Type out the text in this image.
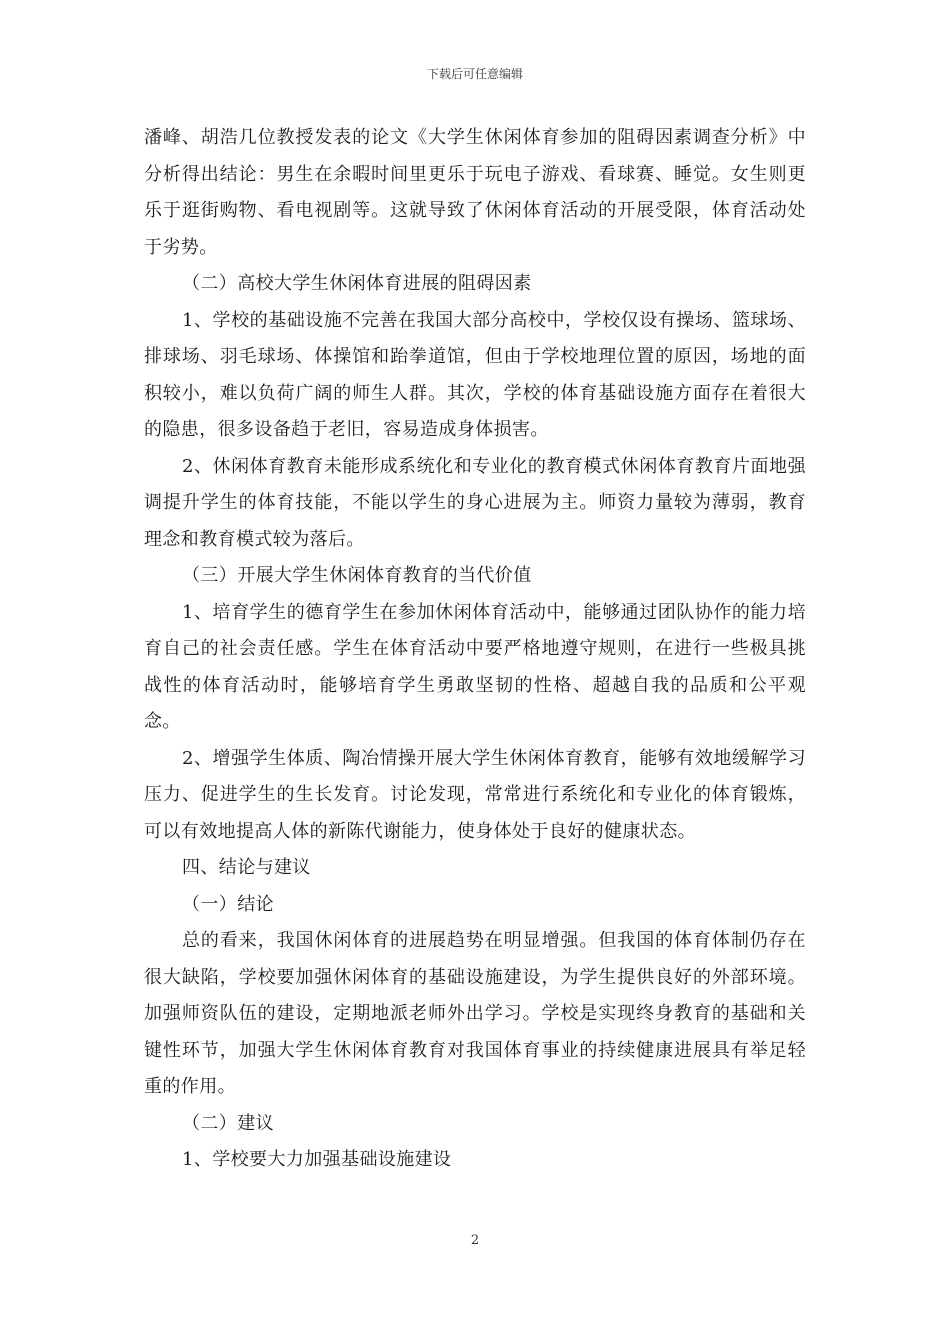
下载后可任意编辑

潘峰、胡浩几位教授发表的论文《大学生休闲体育参加的阻碍因素调查分析》中分析得出结论：男生在余暇时间里更乐于玩电子游戏、看球赛、睡觉。女生则更乐于逛街购物、看电视剧等。这就导致了休闲体育活动的开展受限，体育活动处于劣势。

（二）高校大学生休闲体育进展的阻碍因素

1、学校的基础设施不完善在我国大部分高校中，学校仅设有操场、篮球场、排球场、羽毛球场、体操馆和跆拳道馆，但由于学校地理位置的原因，场地的面积较小，难以负荷广阔的师生人群。其次，学校的体育基础设施方面存在着很大的隐患，很多设备趋于老旧，容易造成身体损害。

2、休闲体育教育未能形成系统化和专业化的教育模式休闲体育教育片面地强调提升学生的体育技能，不能以学生的身心进展为主。师资力量较为薄弱，教育理念和教育模式较为落后。

（三）开展大学生休闲体育教育的当代价值

1、培育学生的德育学生在参加休闲体育活动中，能够通过团队协作的能力培育自己的社会责任感。学生在体育活动中要严格地遵守规则，在进行一些极具挑战性的体育活动时，能够培育学生勇敢坚韧的性格、超越自我的品质和公平观念。

2、增强学生体质、陶冶情操开展大学生休闲体育教育，能够有效地缓解学习压力、促进学生的生长发育。讨论发现，常常进行系统化和专业化的体育锻炼，可以有效地提高人体的新陈代谢能力，使身体处于良好的健康状态。

四、结论与建议

（一）结论

总的看来，我国休闲体育的进展趋势在明显增强。但我国的体育体制仍存在很大缺陷，学校要加强休闲体育的基础设施建设，为学生提供良好的外部环境。加强师资队伍的建设，定期地派老师外出学习。学校是实现终身教育的基础和关键性环节，加强大学生休闲体育教育对我国体育事业的持续健康进展具有举足轻重的作用。

（二）建议

1、学校要大力加强基础设施建设

2
